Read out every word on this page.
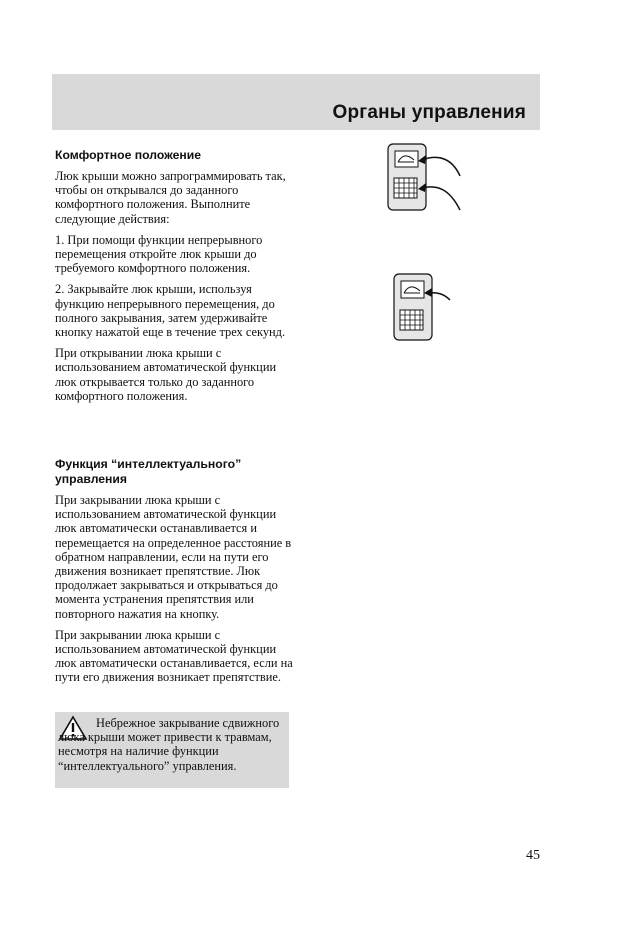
Органы управления
Комфортное положение

Люк крыши можно запрограммировать так, чтобы он открывался до заданного комфортного положения. Выполните следующие действия:

1. При помощи функции непрерывного перемещения откройте люк крыши до требуемого комфортного положения.

2. Закрывайте люк крыши, используя функцию непрерывного перемещения, до полного закрывания, затем удерживайте кнопку нажатой еще в течение трех секунд.

При открывании люка крыши с использованием автоматической функции люк открывается только до заданного комфортного положения.

Функция “интеллектуального” управления

При закрывании люка крыши с использованием автоматической функции люк автоматически останавливается и перемещается на определенное расстояние в обратном направлении, если на пути его движения возникает препятствие. Люк продолжает закрываться и открываться до момента устранения препятствия или повторного нажатия на кнопку.

При закрывании люка крыши с использованием автоматической функции люк автоматически останавливается, если на пути его движения возникает препятствие.

Небрежное закрывание сдвижного люка крыши может привести к травмам, несмотря на наличие функции “интеллектуального” управления.
45
